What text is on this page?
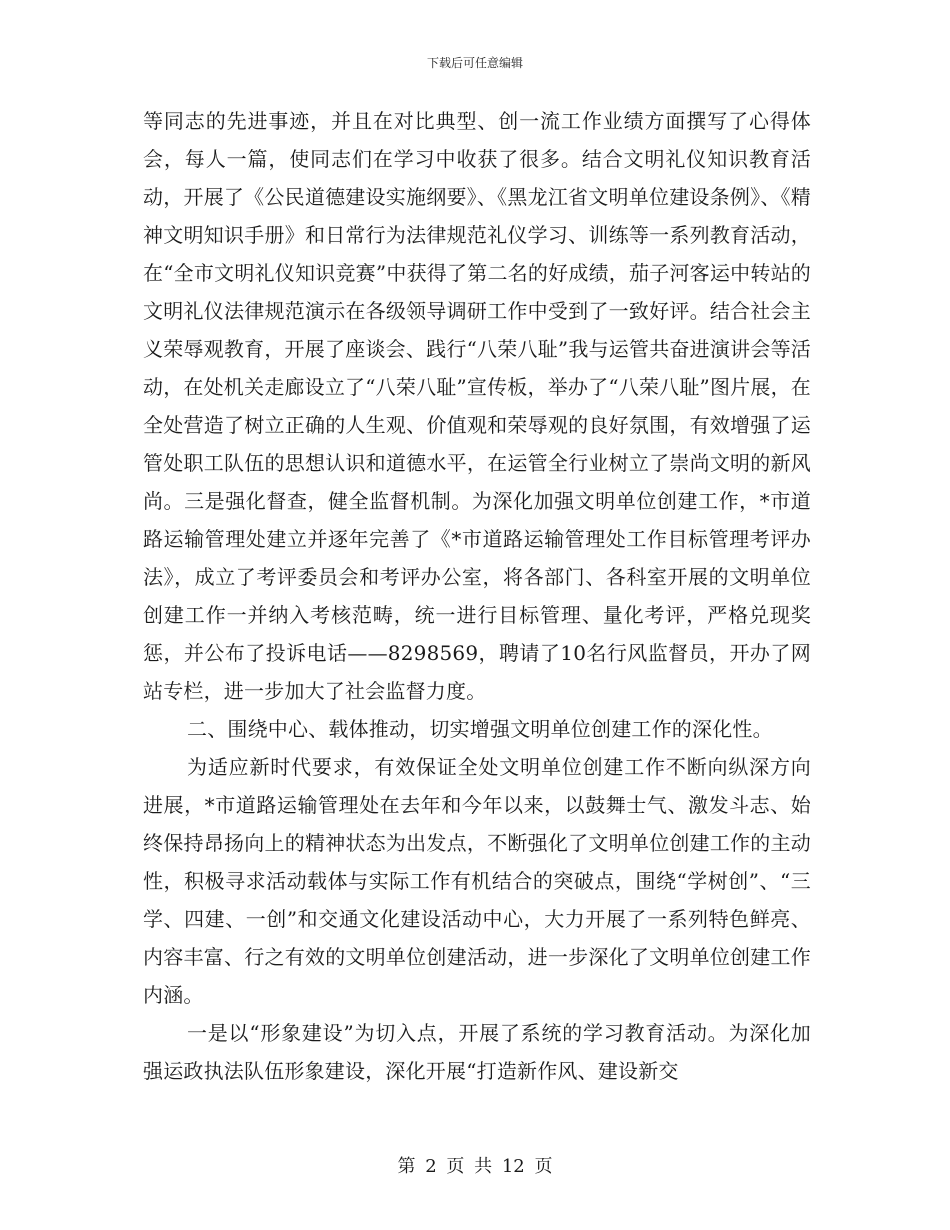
下载后可任意编辑

等同志的先进事迹，并且在对比典型、创一流工作业绩方面撰写了心得体会，每人一篇，使同志们在学习中收获了很多。结合文明礼仪知识教育活动，开展了《公民道德建设实施纲要》、《黑龙江省文明单位建设条例》、《精神文明知识手册》和日常行为法律规范礼仪学习、训练等一系列教育活动，在“全市文明礼仪知识竞赛”中获得了第二名的好成绩，茄子河客运中转站的文明礼仪法律规范演示在各级领导调研工作中受到了一致好评。结合社会主义荣辱观教育，开展了座谈会、践行“八荣八耻”我与运管共奋进演讲会等活动，在处机关走廊设立了“八荣八耻”宣传板，举办了“八荣八耻”图片展，在全处营造了树立正确的人生观、价值观和荣辱观的良好氛围，有效增强了运管处职工队伍的思想认识和道德水平，在运管全行业树立了崇尚文明的新风尚。三是强化督查，健全监督机制。为深化加强文明单位创建工作，*市道路运输管理处建立并逐年完善了《*市道路运输管理处工作目标管理考评办法》，成立了考评委员会和考评办公室，将各部门、各科室开展的文明单位创建工作一并纳入考核范畴，统一进行目标管理、量化考评，严格兑现奖惩，并公布了投诉电话——8298569，聘请了10名行风监督员，开办了网站专栏，进一步加大了社会监督力度。

二、围绕中心、载体推动，切实增强文明单位创建工作的深化性。

为适应新时代要求，有效保证全处文明单位创建工作不断向纵深方向进展，*市道路运输管理处在去年和今年以来，以鼓舞士气、激发斗志、始终保持昂扬向上的精神状态为出发点，不断强化了文明单位创建工作的主动性，积极寻求活动载体与实际工作有机结合的突破点，围绕“学树创”、“三学、四建、一创”和交通文化建设活动中心，大力开展了一系列特色鲜亮、内容丰富、行之有效的文明单位创建活动，进一步深化了文明单位创建工作内涵。

一是以“形象建设”为切入点，开展了系统的学习教育活动。为深化加强运政执法队伍形象建设，深化开展“打造新作风、建设新交

第 2 页 共 12 页
